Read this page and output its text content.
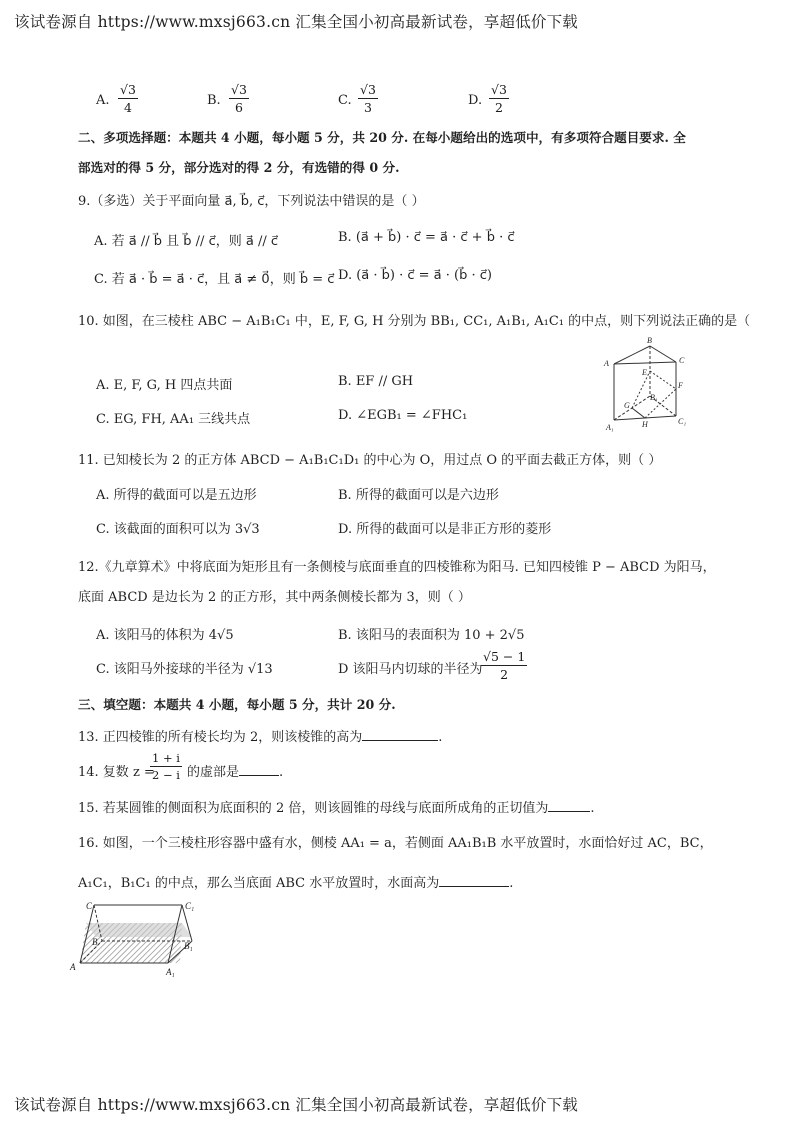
该试卷源自 https://www.mxsj663.cn 汇集全国小初高最新试卷，享超低价下载
A. $\frac{√3}{4}$	B. $\frac{√3}{6}$	C. $\frac{√3}{3}$	D. $\frac{√3}{2}$
二、多项选择题：本题共 4 小题，每小题 5 分，共 20 分. 在每小题给出的选项中，有多项符合题目要求. 全
部选对的得 5 分，部分选对的得 2 分，有选错的得 0 分.
9.（多选）关于平面向量 a⃗, b⃗, c⃗，下列说法中错误的是（ ）
A. 若 a⃗ // b⃗ 且 b⃗ // c⃗，则 a⃗ // c⃗	B. (a⃗ + b⃗) · c⃗ = a⃗ · c⃗ + b⃗ · c⃗
C. 若 a⃗ · b⃗ = a⃗ · c⃗，且 a⃗ ≠ 0⃗，则 b⃗ = c⃗ D. (a⃗ · b⃗) · c⃗ = a⃗ · (b⃗ · c⃗)
10. 如图，在三棱柱 ABC − A₁B₁C₁ 中，E, F, G, H 分别为 BB₁, CC₁, A₁B₁, A₁C₁ 的中点，则下列说法正确的是（
A. E, F, G, H 四点共面	B. EF // GH
C. EG, FH, AA₁ 三线共点	D. ∠EGB₁ = ∠FHC₁
B
C
A
E
F
G
B₁
A₁	H	C₁
11. 已知棱长为 2 的正方体 ABCD − A₁B₁C₁D₁ 的中心为 O，用过点 O 的平面去截正方体，则（ ）
A. 所得的截面可以是五边形	B. 所得的截面可以是六边形
C. 该截面的面积可以为 3√3	D. 所得的截面可以是非正方形的菱形
12.《九章算术》中将底面为矩形且有一条侧棱与底面垂直的四棱锥称为阳马. 已知四棱锥 P − ABCD 为阳马，
底面 ABCD 是边长为 2 的正方形，其中两条侧棱长都为 3，则（ ）
A. 该阳马的体积为 4√5	B. 该阳马的表面积为 10 + 2√5
C. 该阳马外接球的半径为 √13	D 该阳马内切球的半径为
$\frac{√5 - 1}{2}$
三、填空题：本题共 4 小题，每小题 5 分，共计 20 分.
13. 正四棱锥的所有棱长均为 2，则该棱锥的高为	.
14. 复数 z =
$\frac{1 + i}{2 - i}$ 的虚部是	.
15. 若某圆锥的侧面积为底面积的 2 倍，则该圆锥的母线与底面所成角的正切值为	.
16. 如图，一个三棱柱形容器中盛有水，侧棱 AA₁ = a，若侧面 AA₁B₁B 水平放置时，水面恰好过 AC，BC，
A₁C₁，B₁C₁ 的中点，那么当底面 ABC 水平放置时，水面高为	.
C	C₁
B	B₁
A	A₁
该试卷源自 https://www.mxsj663.cn 汇集全国小初高最新试卷，享超低价下载
